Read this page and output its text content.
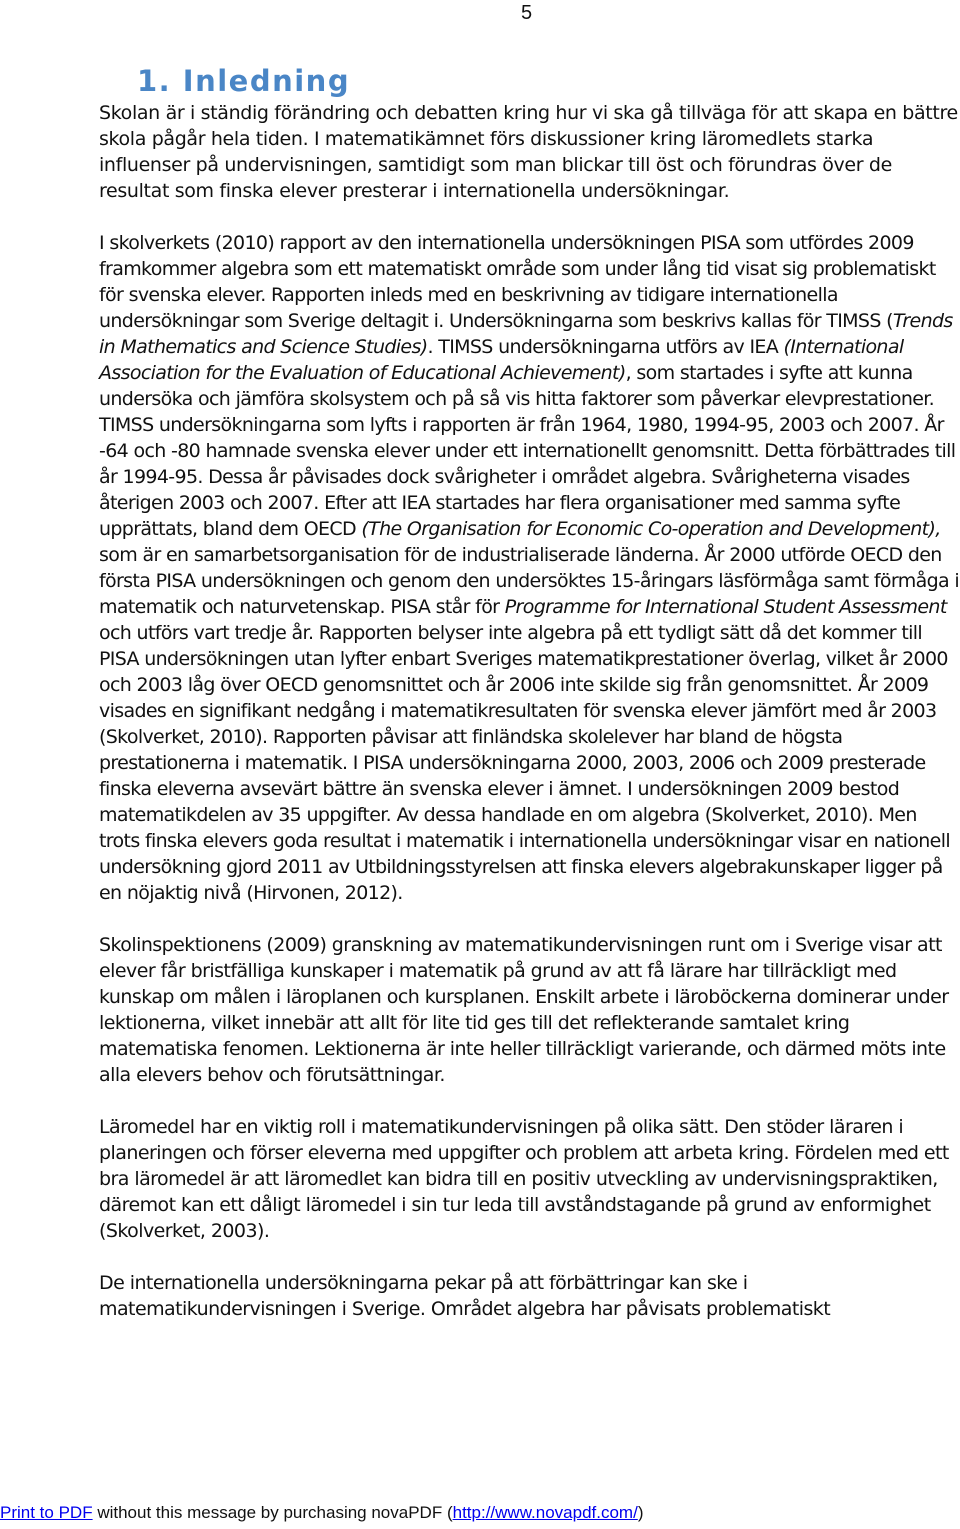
5
1. Inledning

Skolan är i ständig förändring och debatten kring hur vi ska gå tillväga för att skapa en bättre skola pågår hela tiden. I matematikämnet förs diskussioner kring läromedlets starka influenser på undervisningen, samtidigt som man blickar till öst och förundras över de resultat som finska elever presterar i internationella undersökningar.

I skolverkets (2010) rapport av den internationella undersökningen PISA som utfördes 2009 framkommer algebra som ett matematiskt område som under lång tid visat sig problematiskt för svenska elever. Rapporten inleds med en beskrivning av tidigare internationella undersökningar som Sverige deltagit i. Undersökningarna som beskrivs kallas för TIMSS (Trends in Mathematics and Science Studies). TIMSS undersökningarna utförs av IEA (International Association for the Evaluation of Educational Achievement), som startades i syfte att kunna undersöka och jämföra skolsystem och på så vis hitta faktorer som påverkar elevprestationer. TIMSS undersökningarna som lyfts i rapporten är från 1964, 1980, 1994-95, 2003 och 2007. År -64 och -80 hamnade svenska elever under ett internationellt genomsnitt. Detta förbättrades till år 1994-95. Dessa år påvisades dock svårigheter i området algebra. Svårigheterna visades återigen 2003 och 2007. Efter att IEA startades har flera organisationer med samma syfte upprättats, bland dem OECD (The Organisation for Economic Co-operation and Development), som är en samarbetsorganisation för de industrialiserade länderna. År 2000 utförde OECD den första PISA undersökningen och genom den undersöktes 15-åringars läsförmåga samt förmåga i matematik och naturvetenskap. PISA står för Programme for International Student Assessment och utförs vart tredje år. Rapporten belyser inte algebra på ett tydligt sätt då det kommer till PISA undersökningen utan lyfter enbart Sveriges matematikprestationer överlag, vilket år 2000 och 2003 låg över OECD genomsnittet och år 2006 inte skilde sig från genomsnittet. År 2009 visades en signifikant nedgång i matematikresultaten för svenska elever jämfört med år 2003 (Skolverket, 2010). Rapporten påvisar att finländska skolelever har bland de högsta prestationerna i matematik. I PISA undersökningarna 2000, 2003, 2006 och 2009 presterade finska eleverna avsevärt bättre än svenska elever i ämnet. I undersökningen 2009 bestod matematikdelen av 35 uppgifter. Av dessa handlade en om algebra (Skolverket, 2010). Men trots finska elevers goda resultat i matematik i internationella undersökningar visar en nationell undersökning gjord 2011 av Utbildningsstyrelsen att finska elevers algebrakunskaper ligger på en nöjaktig nivå (Hirvonen, 2012).

Skolinspektionens (2009) granskning av matematikundervisningen runt om i Sverige visar att elever får bristfälliga kunskaper i matematik på grund av att få lärare har tillräckligt med kunskap om målen i läroplanen och kursplanen. Enskilt arbete i läroböckerna dominerar under lektionerna, vilket innebär att allt för lite tid ges till det reflekterande samtalet kring matematiska fenomen. Lektionerna är inte heller tillräckligt varierande, och därmed möts inte alla elevers behov och förutsättningar.

Läromedel har en viktig roll i matematikundervisningen på olika sätt. Den stöder läraren i planeringen och förser eleverna med uppgifter och problem att arbeta kring. Fördelen med ett bra läromedel är att läromedlet kan bidra till en positiv utveckling av undervisningspraktiken, däremot kan ett dåligt läromedel i sin tur leda till avståndstagande på grund av enformighet (Skolverket, 2003).

De internationella undersökningarna pekar på att förbättringar kan ske i matematikundervisningen i Sverige. Området algebra har påvisats problematiskt

Print to PDF without this message by purchasing novaPDF (http://www.novapdf.com/)
